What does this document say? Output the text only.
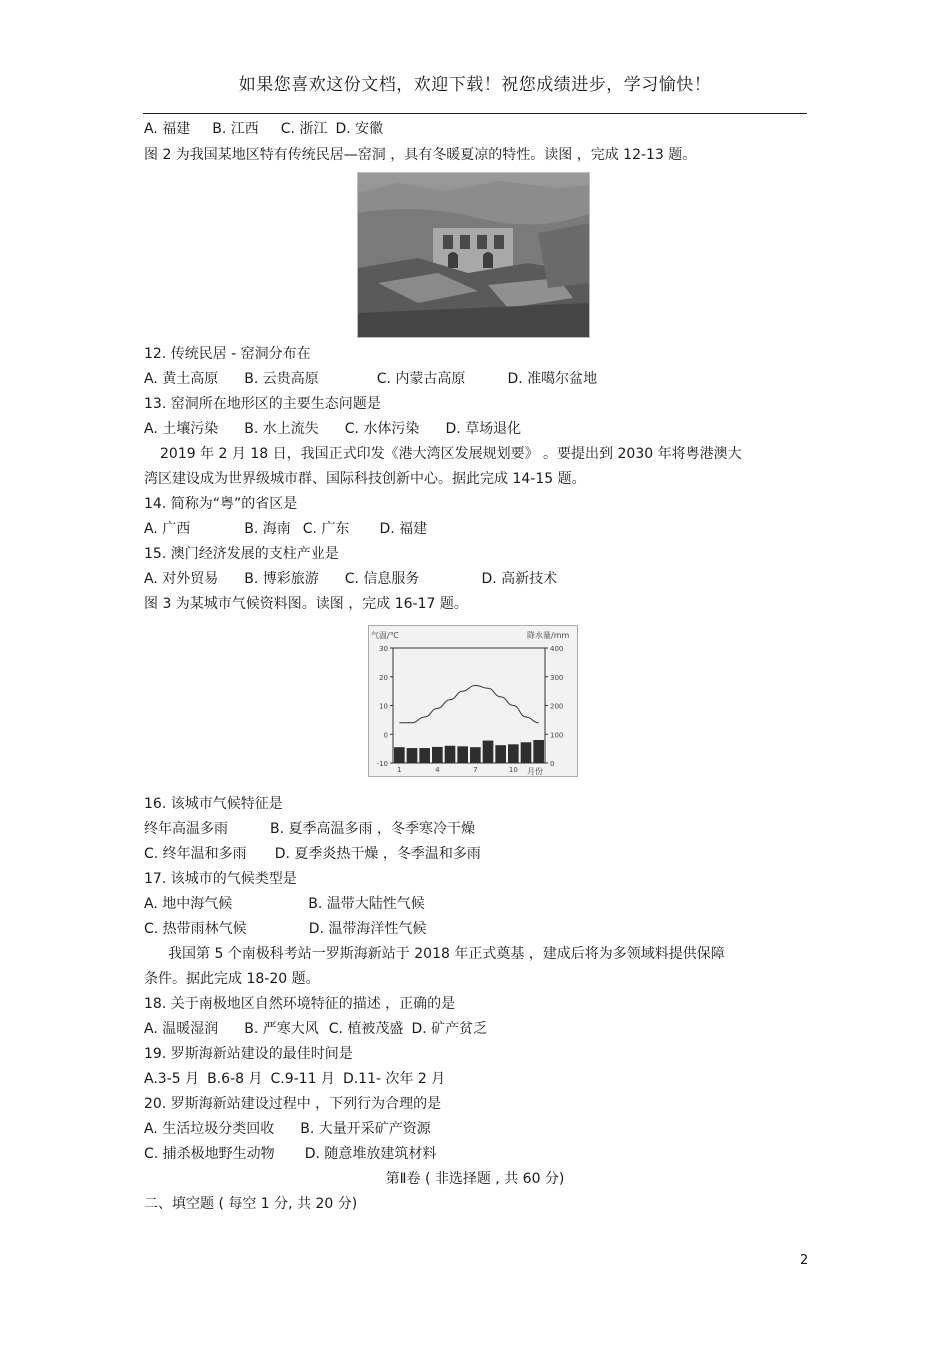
如果您喜欢这份文档，欢迎下载！祝您成绩进步，学习愉快！
A. 福建 B. 江西 C. 浙江 D. 安徽
图 2 为我国某地区特有传统民居—窑洞 ，具有冬暖夏凉的特性。读图 ，完成 12-13 题。
12. 传统民居 - 窑洞分布在
A. 黄土高原 B. 云贵高原	C. 内蒙古高原	D. 准噶尔盆地
13. 窑洞所在地形区的主要生态问题是
A. 土壤污染 B. 水上流失 C. 水体污染 D. 草场退化
2019 年 2 月 18 日，我国正式印发《港大湾区发展规划要》 。要提出到 2030 年将粤港澳大
湾区建设成为世界级城市群、国际科技创新中心。据此完成 14-15 题。
14. 简称为“粤”的省区是
A. 广西	B. 海南 C. 广东 D. 福建
15. 澳门经济发展的支柱产业是
A. 对外贸易 B. 博彩旅游 C. 信息服务	D. 高新技术
图 3 为某城市气候资料图。读图 ，完成 16-17 题。
气温/℃	降水量/mm
月份
30
20
10
0
-10
400
300
200
100
0
1	4	7	10
16. 该城市气候特征是
终年高温多雨	B. 夏季高温多雨 ，冬季寒冷干燥
C. 终年温和多雨 D. 夏季炎热干燥 ，冬季温和多雨
17. 该城市的气候类型是
A. 地中海气候	B. 温带大陆性气候
C. 热带雨林气候	D. 温带海洋性气候
我国第 5 个南极科考站一罗斯海新站于 2018 年正式奠基 ，建成后将为多领域料提供保障
条件。据此完成 18-20 题。
18. 关于南极地区自然环境特征的描述 ，正确的是
A. 温暖湿润 B. 严寒大风 C. 植被茂盛 D. 矿产贫乏
19. 罗斯海新站建设的最佳时间是
A.3-5 月 B.6-8 月 C.9-11 月 D.11- 次年 2 月
20. 罗斯海新站建设过程中 ，下列行为合理的是
A. 生活垃圾分类回收 B. 大量开采矿产资源
C. 捕杀极地野生动物 D. 随意堆放建筑材料
第Ⅱ卷 ( 非选择题 , 共 60 分)
二、填空题 ( 每空 1 分, 共 20 分)
2
